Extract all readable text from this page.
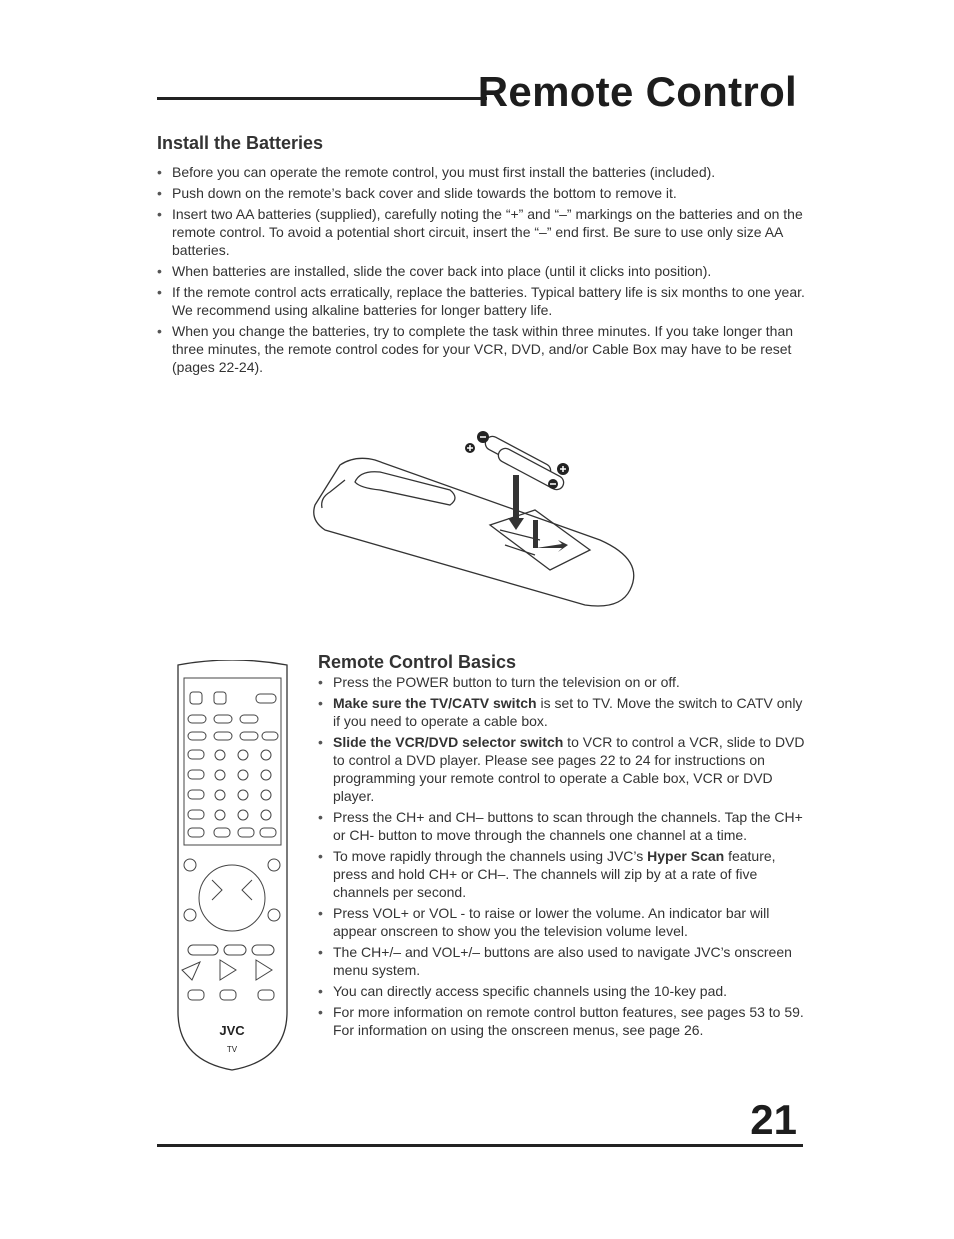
Remote Control
Install the Batteries
• Before you can operate the remote control, you must first install the batteries (included).
• Push down on the remote’s back cover and slide towards the bottom to remove it.
• Insert two AA batteries (supplied), carefully noting the “+” and “–” markings on the batteries and on the remote control. To avoid a potential short circuit, insert the “–” end first. Be sure to use only size AA batteries.
• When batteries are installed, slide the cover back into place (until it clicks into position).
• If the remote control acts erratically, replace the batteries. Typical battery life is six months to one year. We recommend using alkaline batteries for longer battery life.
• When you change the batteries, try to complete the task within three minutes. If you take longer than three minutes, the remote control codes for your VCR, DVD, and/or Cable Box may have to be reset (pages 22-24).
JVC
TV
Remote Control Basics
• Press the POWER button to turn the television on or off.
• Make sure the TV/CATV switch is set to TV. Move the switch to CATV only if you need to operate a cable box.
• Slide the VCR/DVD selector switch to VCR to control a VCR, slide to DVD to control a DVD player. Please see pages 22 to 24 for instructions on programming your remote control to operate a Cable box, VCR or DVD player.
• Press the CH+ and CH– buttons to scan through the channels. Tap the CH+ or CH- button to move through the channels one channel at a time.
• To move rapidly through the channels using JVC’s Hyper Scan feature, press and hold CH+ or CH–. The channels will zip by at a rate of five channels per second.
• Press VOL+ or VOL - to raise or lower the volume. An indicator bar will appear onscreen to show you the television volume level.
• The CH+/– and VOL+/– buttons are also used to navigate JVC’s onscreen menu system.
• You can directly access specific channels using the 10-key pad.
• For more information on remote control button features, see pages 53 to 59. For information on using the onscreen menus, see page 26.
21
